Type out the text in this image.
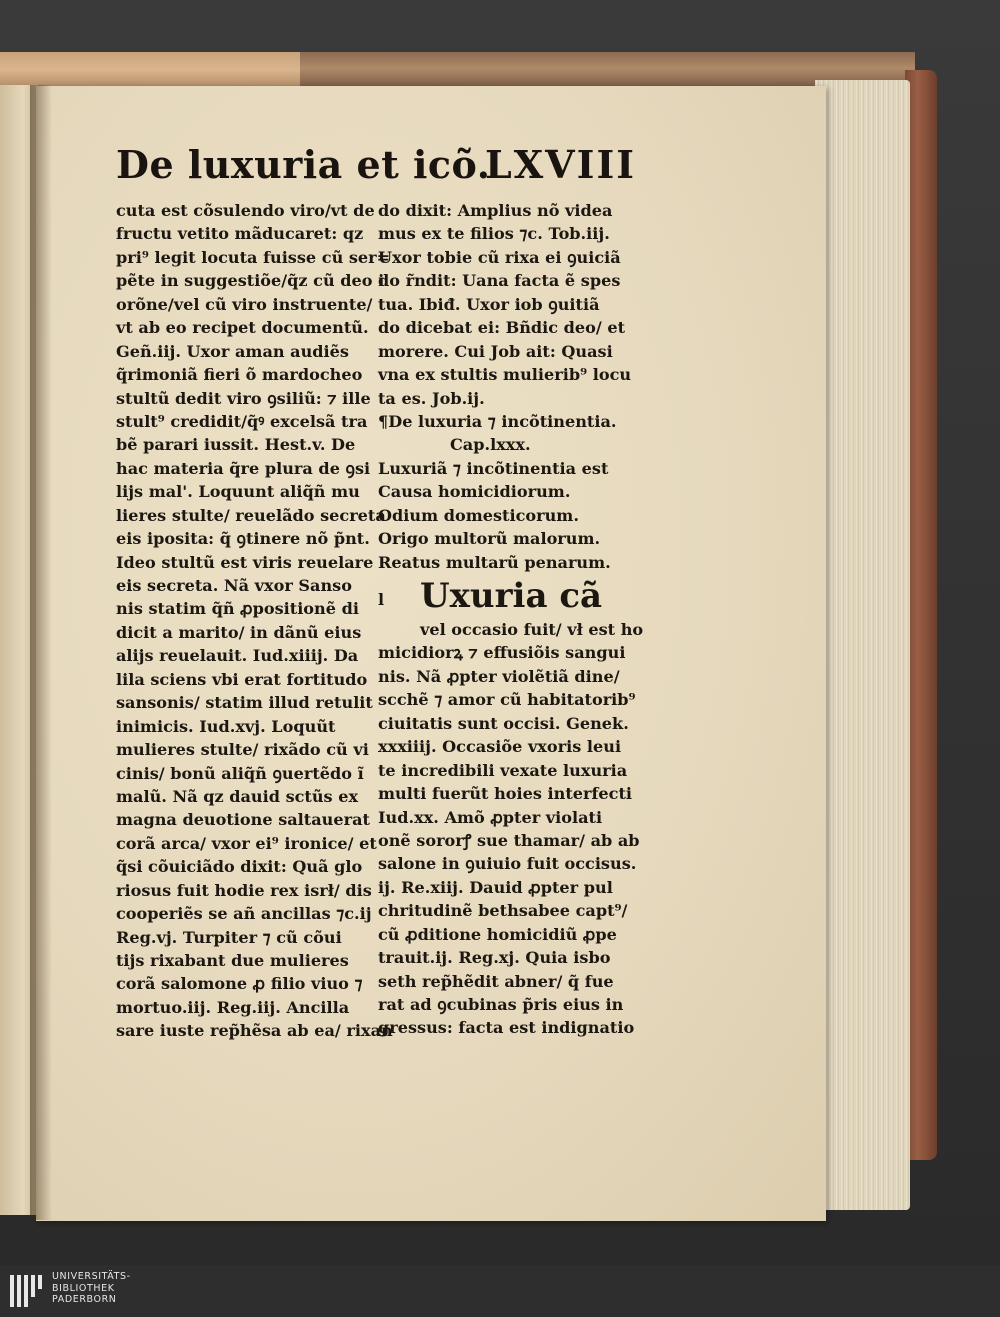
De luxuria et icõ.
LXVIII
cuta est cõsulendo viro/vt de
fructu vetito mãducaret: qz
pri⁹ legit locuta fuisse cũ ser=
pẽte in suggestiõe/q̃z cũ deo i
orõne/vel cũ viro instruente/
vt ab eo recipet documentũ.
Geñ.iij. Uxor aman audiẽs
q̃rimoniã fieri õ mardocheo
stultũ dedit viro ꝯsiliũ: ⁊ ille
stult⁹ credidit/q̃ꝰ excelsã tra
bẽ parari iussit. Hest.v. De
hac materia q̃re plura de ꝯsi
lijs mal'. Loquunt aliq̃ñ mu
lieres stulte/ reuelãdo secreta
eis iposita: q̃ ꝯtinere nõ p̃nt.
Ideo stultũ est viris reuelare
eis secreta. Nã vxor Sanso
nis statim q̃ñ ꝓpositionẽ di
dicit a marito/ in dãnũ eius
alijs reuelauit. Iud.xiiij. Da
lila sciens vbi erat fortitudo
sansonis/ statim illud retulit
inimicis. Iud.xvj. Loquũt
mulieres stulte/ rixãdo cũ vi
cinis/ bonũ aliq̃ñ ꝯuertẽdo ĩ
malũ. Nã qz dauid sctũs ex
magna deuotione saltauerat
corã arca/ vxor ei⁹ ironice/ et
q̃si cõuiciãdo dixit: Quã glo
riosus fuit hodie rex isrł/ dis
cooperiẽs se añ ancillas ⁊c.ij
Reg.vj. Turpiter ⁊ cũ cõui
tijs rixabant due mulieres
corã salomone ꝓ filio viuo ⁊
mortuo.iij. Reg.iij. Ancilla
sare iuste rep̃hẽsa ab ea/ rixan
do dixit: Amplius nõ videa
mus ex te filios ⁊c. Tob.iij.
Uxor tobie cũ rixa ei ꝯuiciã
do r̃ndit: Uana facta ẽ spes
tua. Ibiđ. Uxor iob ꝯuitiã
do dicebat ei: Bñdic deo/ et
morere. Cui Job ait: Quasi
vna ex stultis mulierib⁹ locu
ta es. Job.ij.
¶De luxuria ⁊ incõtinentia.
Cap.lxxx.
Luxuriã ⁊ incõtinentia est
Causa homicidiorum.
Odium domesticorum.
Origo multorũ malorum.
Reatus multarũ penarum.
l Uxuria cã
vel occasio fuit/ vł est ho
micidiorꝝ ⁊ effusiõis sangui
nis. Nã ꝓpter violẽtiã dine/
scchẽ ⁊ amor cũ habitatorib⁹
ciuitatis sunt occisi. Genek.
xxxiiij. Occasiõe vxoris leui
te incredibili vexate luxuria
multi fuerũt hoies interfecti
Iud.xx. Amõ ꝓpter violati
onẽ sororꝭ sue thamar/ ab ab
salone in ꝯuiuio fuit occisus.
ij. Re.xiij. Dauid ꝓpter pul
chritudinẽ bethsabee capt⁹/
cũ ꝓditione homicidiũ ꝓpe
trauit.ij. Reg.xj. Quia isbo
seth rep̃hẽdit abner/ q̃ fue
rat ad ꝯcubinas p̃ris eius in
gressus: facta est indignatio
UNIVERSITÄTS-
BIBLIOTHEK
PADERBORN
